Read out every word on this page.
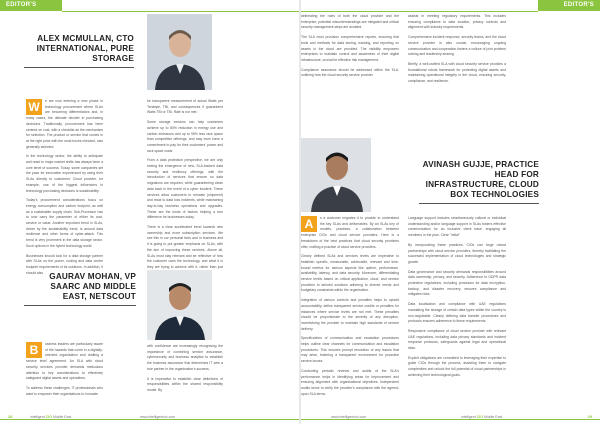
EDITOR'S QUESTION
ALEX MCMULLAN, CTO INTERNATIONAL, PURE STORAGE

W	e are now entering a new phase in technology procurement where SLAs are becoming differentiators and, in many cases, the ultimate decider in purchasing decisions. Traditionally, procurement has been centred on cost, with a checklist as the mechanism for selection. The product or service that comes in at the right price with the most boxes checked, was generally selected.

In the technology sector, the ability to anticipate and react to major market shifts has always been a core tenet of success. Today, some companies set the pace for innovation experienced by using their SLAs directly to customers' Cloud provider, for example, one of the biggest influencers in technology purchasing decisions is sustainability.

Today's procurement considerations focus on energy consumption and carbon footprint, as well as a sustainable supply chain. Sub-Processor has to now carry the parameter of either its cost, service or value. Another important trend in SLAs, driven by the sustainability trend, is around data resilience and other forms of cyber-attack. This trend is very prominent in the data storage sector. Such options in the hybrid technology world.

Businesses should look for a data storage partner with SLAs on the power, cooling and data centre footprint requirements of its solutions. In addition, it should also

be transparent measurement of actual Watts per Terabyte, TBI, and consequences if guaranteed Watts TBI or TBI, Rate is not met.

Some storage vendors can help customers achieve up to 80% reduction in energy use and carbon emissions and up to 95% less rack space than competitive offerings, and may even have a commitment to pay for their customers' power and rack space costs.

From a data protection perspective, we are only seeing the emergence of new, SLA-backed data security and resiliency offerings, with the introduction of services that ensure no data migrations are required, while guaranteeing clean data back in the event of a cyber incident. These services allow customers to relocate (shipment) and react to data loss incidents, while maintaining day-to-day business operations and upgrades. These are the kinds of factors helping a true difference for businesses today.

There is a clear accelerated trend towards new ownership and more subscription services. We see this in our personal lives and in business and it is going to put greater emphasis on SLAs, with the aim of improving these services. Above all, SLAs must stay relevant and be reflective of how the customer uses the technology, and what it is they are trying to achieve with it, rather than just

GAURAV MOHAN, VP SAARC AND MIDDLE EAST, NETSCOUT

B	usiness leaders are particularly aware of the hazards that come in a digitally-oriented organisation and drafting a service level agreement. An SLA with cloud security services provider demands meticulous attention to key considerations to effectively safeguard digital assets and operations.

To address these challenges, IT professionals who want to empower their organisations to innovate

with confidence are increasingly recognising the importance of combining service assurance, cybersecurity and business analytics to establish the business assurance that determines IT sets a true partner in the organisation's success.

It is imperative to establish clear definitions of responsibilities within the shared responsibility model. By

28	intelligent CIO Middle East	www.intelligentcio.com
EDITOR'S QUESTION

delineating the roles of both the cloud provider and the enterprise, potential misunderstandings are mitigated and critical security management steps are avoided.

The SLA must provision comprehensive reports, ensuring that tools and methods for data storing, tracking, and reporting on assets in the cloud are provided. The visibility empowers enterprises to maintain control and awareness of their digital infrastructure, crucial for effective risk management.

Compliance assurance should be addressed within the SLA, outlining how the cloud security service provider

assists in meeting regulatory requirements. This includes ensuring compliance to data location, privacy controls and alignment with industry requirements.

Comprehensive incident response, security teams, and the cloud service provider is also crucial, encouraging ongoing communication and cooperation fosters a culture of joint problem solving and leadership sharing.

Briefly, a well-crafted SLA with cloud security service provides a foundational robust framework for protecting digital assets and maintaining operational integrity in the cloud, ensuring security, compliance, and resilience.

AVINASH GUJJE, PRACTICE HEAD FOR INFRASTRUCTURE, CLOUD BOX TECHNOLOGIES

A	s a customer migrates it to provide to understand the key SLAs and deliverables. By an SLAs key of models, practices, a collaboration between enterprise CIOs and cloud service providers. Here is a breakdown of the best practices that cloud security providers offer, crafting a practice of cloud service providers.

Clearly defined SLAs and services levels are imperative to establish specific, measurable, achievable, relevant and time-bound metrics for various aspects like uptime, performance, availability, latency, and data security. Moreover, differentiating service levels based on critical application, cloud, and service providers to tailored solutions adhering to diverse needs and budgetary constraints within the organisation.

Integration of various controls and penalties helps to uphold accountability, define transparent service credits or penalties for instances where service levels are not met. These penalties should be proportionate to the severity of any disruption, incentivising the provider to maintain high standards of service delivery.

Specifications of communication and escalation procedures helps outline clear channels for communication and escalation procedures. This ensures prompt resolution of any issues that may arise, fostering a transparent environment for proactive service issues.

Conducting periodic reviews and audits of the SLA's performance helps in identifying areas for improvement and ensuring alignment with organisational objectives. Independent audits serve to verify the provider's compliance with the agreed-upon SLA terms.

Language support includes simultaneously cultural or individual understanding and/or language support in SLAs fosters effective communication for an inclusive client base, engaging all members in the plan. Clear ''initial''

By incorporating these practices, CIOs can forge robust partnerships with cloud service providers, thereby facilitating the successful implementation of cloud technologies and strategic growth.

Data governance and security demands responsibilities around data ownership, privacy, and security. Adherence to GDPR data protection regulations, including provisions for data encryption, backup, and disaster recovery, ensures compliance and mitigates risks.

Data localisation and compliance with UAE regulations mandating the storage of certain data types within the country is non-negotiable. Clearly defining data transfer procedures and protocols ensures adherence to these requirements.

Responsive compliance of cloud service provider with relevant UAE regulations, including data privacy standards and incident response protocols, safeguards against legal and operational risks.

Explicit obligations are committed to leveraging their expertise to guide CIOs through the process, assisting them to navigate complexities and unlock the full potential of cloud partnerships in achieving their technological goals.

www.intelligentcio.com	intelligent CIO Middle East	29
